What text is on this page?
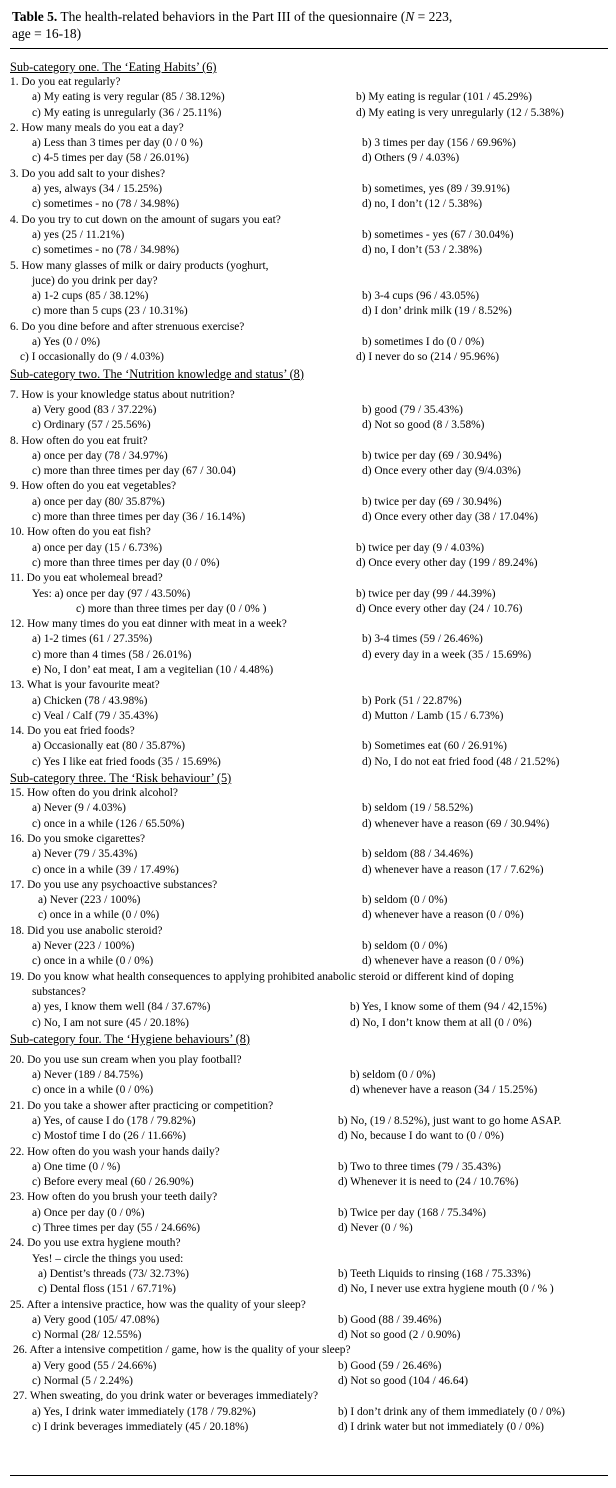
Table 5. The health-related behaviors in the Part III of the quesionnaire (N = 223,
age = 16-18)
Sub-category one. The ‘Eating Habits’ (6)
1. Do you eat regularly?
a) My eating is very regular (85 / 38.12%)	b) My eating is regular (101 / 45.29%)
c) My eating is unregularly (36 / 25.11%)	d) My eating is very unregularly (12 / 5.38%)
2. How many meals do you eat a day?
a) Less than 3 times per day (0 / 0 %)	b) 3 times per day (156 / 69.96%)
c) 4-5 times per day (58 / 26.01%)	d) Others (9 / 4.03%)
3. Do you add salt to your dishes?
a) yes, always (34 / 15.25%)	b) sometimes, yes (89 / 39.91%)
c) sometimes - no (78 / 34.98%)	d) no, I don’t (12 / 5.38%)
4. Do you try to cut down on the amount of sugars you eat?
a) yes (25 / 11.21%)	b) sometimes - yes (67 / 30.04%)
c) sometimes - no (78 / 34.98%)	d) no, I don’t (53 / 2.38%)
5. How many glasses of milk or dairy products (yoghurt,
juce) do you drink per day?
a) 1-2 cups (85 / 38.12%)	b) 3-4 cups (96 / 43.05%)
c) more than 5 cups (23 / 10.31%)	d) I don’ drink milk (19 / 8.52%)
6. Do you dine before and after strenuous exercise?
a) Yes (0 / 0%)	b) sometimes I do (0 / 0%)
c) I occasionally do (9 / 4.03%)	d) I never do so (214 / 95.96%)
Sub-category two. The ‘Nutrition knowledge and status’ (8)
7. How is your knowledge status about nutrition?
a) Very good (83 / 37.22%)	b) good (79 / 35.43%)
c) Ordinary (57 / 25.56%)	d) Not so good (8 / 3.58%)
8. How often do you eat fruit?
a) once per day (78 / 34.97%)	b) twice per day (69 / 30.94%)
c) more than three times per day (67 / 30.04)	d) Once every other day (9/4.03%)
9. How often do you eat vegetables?
a) once per day (80/ 35.87%)	b) twice per day (69 / 30.94%)
c) more than three times per day (36 / 16.14%)	d) Once every other day (38 / 17.04%)
10. How often do you eat fish?
a) once per day (15 / 6.73%)	b) twice per day (9 / 4.03%)
c) more than three times per day (0 / 0%)	d) Once every other day (199 / 89.24%)
11. Do you eat wholemeal bread?
Yes: a) once per day (97 / 43.50%)	b) twice per day (99 / 44.39%)
c) more than three times per day (0 / 0% )	d) Once every other day (24 / 10.76)
12. How many times do you eat dinner with meat in a week?
a) 1-2 times (61 / 27.35%)	b) 3-4 times (59 / 26.46%)
c) more than 4 times (58 / 26.01%)	d) every day in a week (35 / 15.69%)
e) No, I don’ eat meat, I am a vegitelian (10 / 4.48%)
13. What is your favourite meat?
a) Chicken (78 / 43.98%)	b) Pork (51 / 22.87%)
c) Veal / Calf (79 / 35.43%)	d) Mutton / Lamb (15 / 6.73%)
14. Do you eat fried foods?
a) Occasionally eat (80 / 35.87%)	b) Sometimes eat (60 / 26.91%)
c) Yes I like eat fried foods (35 / 15.69%)	d) No, I do not eat fried food (48 / 21.52%)
Sub-category three. The ‘Risk behaviour’ (5)
15. How often do you drink alcohol?
a) Never (9 / 4.03%)	b) seldom (19 / 58.52%)
c) once in a while (126 / 65.50%)	d) whenever have a reason (69 / 30.94%)
16. Do you smoke cigarettes?
a) Never (79 / 35.43%)	b) seldom (88 / 34.46%)
c) once in a while (39 / 17.49%)	d) whenever have a reason (17 / 7.62%)
17. Do you use any psychoactive substances?
a) Never (223 / 100%)	b) seldom (0 / 0%)
c) once in a while (0 / 0%)	d) whenever have a reason (0 / 0%)
18. Did you use anabolic steroid?
a) Never (223 / 100%)	b) seldom (0 / 0%)
c) once in a while (0 / 0%)	d) whenever have a reason (0 / 0%)
19. Do you know what health consequences to applying prohibited anabolic steroid or different kind of doping
substances?
a) yes, I know them well (84 / 37.67%)	b) Yes, I know some of them (94 / 42,15%)
c) No, I am not sure (45 / 20.18%)	d) No, I don’t know them at all (0 / 0%)
Sub-category four. The ‘Hygiene behaviours’ (8)
20. Do you use sun cream when you play football?
a) Never (189 / 84.75%)	b) seldom (0 / 0%)
c) once in a while (0 / 0%)	d) whenever have a reason (34 / 15.25%)
21. Do you take a shower after practicing or competition?
a) Yes, of cause I do (178 / 79.82%)	b) No, (19 / 8.52%), just want to go home ASAP.
c) Mostof time I do (26 / 11.66%)	d) No, because I do want to (0 / 0%)
22. How often do you wash your hands daily?
a) One time (0 / %)	b) Two to three times (79 / 35.43%)
c) Before every meal (60 / 26.90%)	d) Whenever it is need to (24 / 10.76%)
23. How often do you brush your teeth daily?
a) Once per day (0 / 0%)	b) Twice per day (168 / 75.34%)
c) Three times per day (55 / 24.66%)	d) Never (0 / %)
24. Do you use extra hygiene mouth?
Yes! – circle the things you used:
a) Dentist’s threads (73/ 32.73%)	b) Teeth Liquids to rinsing (168 / 75.33%)
c) Dental floss (151 / 67.71%)	d) No, I never use extra hygiene mouth (0 / % )
25. After a intensive practice, how was the quality of your sleep?
a) Very good (105/ 47.08%)	b) Good (88 / 39.46%)
c) Normal (28/ 12.55%)	d) Not so good (2 / 0.90%)
26. After a intensive competition / game, how is the quality of your sleep?
a) Very good (55 / 24.66%)	b) Good (59 / 26.46%)
c) Normal (5 / 2.24%)	d) Not so good (104 / 46.64)
27. When sweating, do you drink water or beverages immediately?
a) Yes, I drink water immediately (178 / 79.82%)	b) I don’t drink any of them immediately (0 / 0%)
c) I drink beverages immediately (45 / 20.18%)	d) I drink water but not immediately (0 / 0%)
